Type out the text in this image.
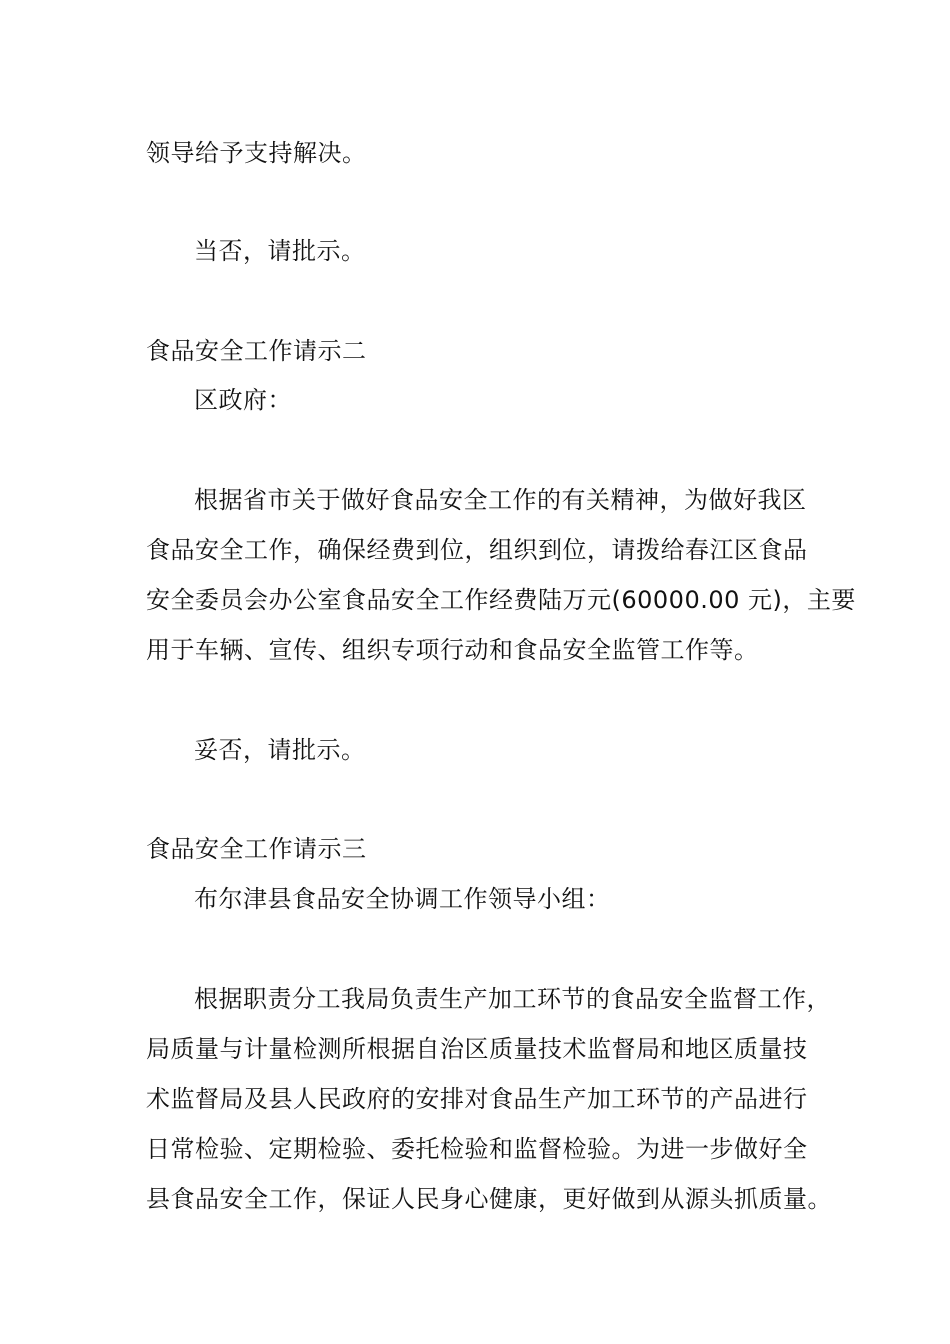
领导给予支持解决。
当否，请批示。
食品安全工作请示二
区政府：
根据省市关于做好食品安全工作的有关精神，为做好我区
食品安全工作，确保经费到位，组织到位，请拨给春江区食品
安全委员会办公室食品安全工作经费陆万元(60000.00 元)，主要
用于车辆、宣传、组织专项行动和食品安全监管工作等。
妥否，请批示。
食品安全工作请示三
布尔津县食品安全协调工作领导小组：
根据职责分工我局负责生产加工环节的食品安全监督工作，
局质量与计量检测所根据自治区质量技术监督局和地区质量技
术监督局及县人民政府的安排对食品生产加工环节的产品进行
日常检验、定期检验、委托检验和监督检验。为进一步做好全
县食品安全工作，保证人民身心健康，更好做到从源头抓质量。
